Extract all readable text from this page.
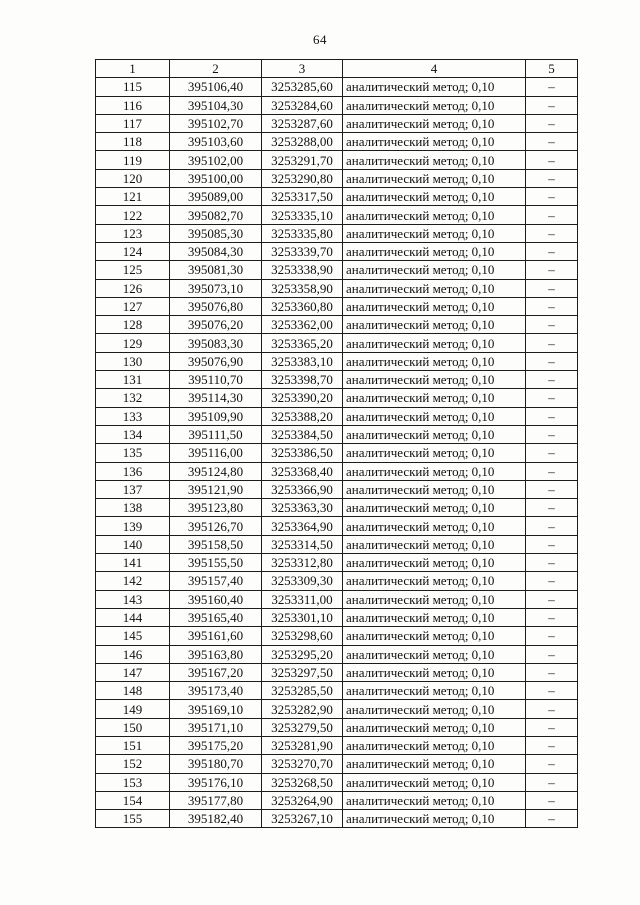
64
1	2	3	4	5
115	395106,40	3253285,60	аналитический метод; 0,10	–
116	395104,30	3253284,60	аналитический метод; 0,10	–
117	395102,70	3253287,60	аналитический метод; 0,10	–
118	395103,60	3253288,00	аналитический метод; 0,10	–
119	395102,00	3253291,70	аналитический метод; 0,10	–
120	395100,00	3253290,80	аналитический метод; 0,10	–
121	395089,00	3253317,50	аналитический метод; 0,10	–
122	395082,70	3253335,10	аналитический метод; 0,10	–
123	395085,30	3253335,80	аналитический метод; 0,10	–
124	395084,30	3253339,70	аналитический метод; 0,10	–
125	395081,30	3253338,90	аналитический метод; 0,10	–
126	395073,10	3253358,90	аналитический метод; 0,10	–
127	395076,80	3253360,80	аналитический метод; 0,10	–
128	395076,20	3253362,00	аналитический метод; 0,10	–
129	395083,30	3253365,20	аналитический метод; 0,10	–
130	395076,90	3253383,10	аналитический метод; 0,10	–
131	395110,70	3253398,70	аналитический метод; 0,10	–
132	395114,30	3253390,20	аналитический метод; 0,10	–
133	395109,90	3253388,20	аналитический метод; 0,10	–
134	395111,50	3253384,50	аналитический метод; 0,10	–
135	395116,00	3253386,50	аналитический метод; 0,10	–
136	395124,80	3253368,40	аналитический метод; 0,10	–
137	395121,90	3253366,90	аналитический метод; 0,10	–
138	395123,80	3253363,30	аналитический метод; 0,10	–
139	395126,70	3253364,90	аналитический метод; 0,10	–
140	395158,50	3253314,50	аналитический метод; 0,10	–
141	395155,50	3253312,80	аналитический метод; 0,10	–
142	395157,40	3253309,30	аналитический метод; 0,10	–
143	395160,40	3253311,00	аналитический метод; 0,10	–
144	395165,40	3253301,10	аналитический метод; 0,10	–
145	395161,60	3253298,60	аналитический метод; 0,10	–
146	395163,80	3253295,20	аналитический метод; 0,10	–
147	395167,20	3253297,50	аналитический метод; 0,10	–
148	395173,40	3253285,50	аналитический метод; 0,10	–
149	395169,10	3253282,90	аналитический метод; 0,10	–
150	395171,10	3253279,50	аналитический метод; 0,10	–
151	395175,20	3253281,90	аналитический метод; 0,10	–
152	395180,70	3253270,70	аналитический метод; 0,10	–
153	395176,10	3253268,50	аналитический метод; 0,10	–
154	395177,80	3253264,90	аналитический метод; 0,10	–
155	395182,40	3253267,10	аналитический метод; 0,10	–
